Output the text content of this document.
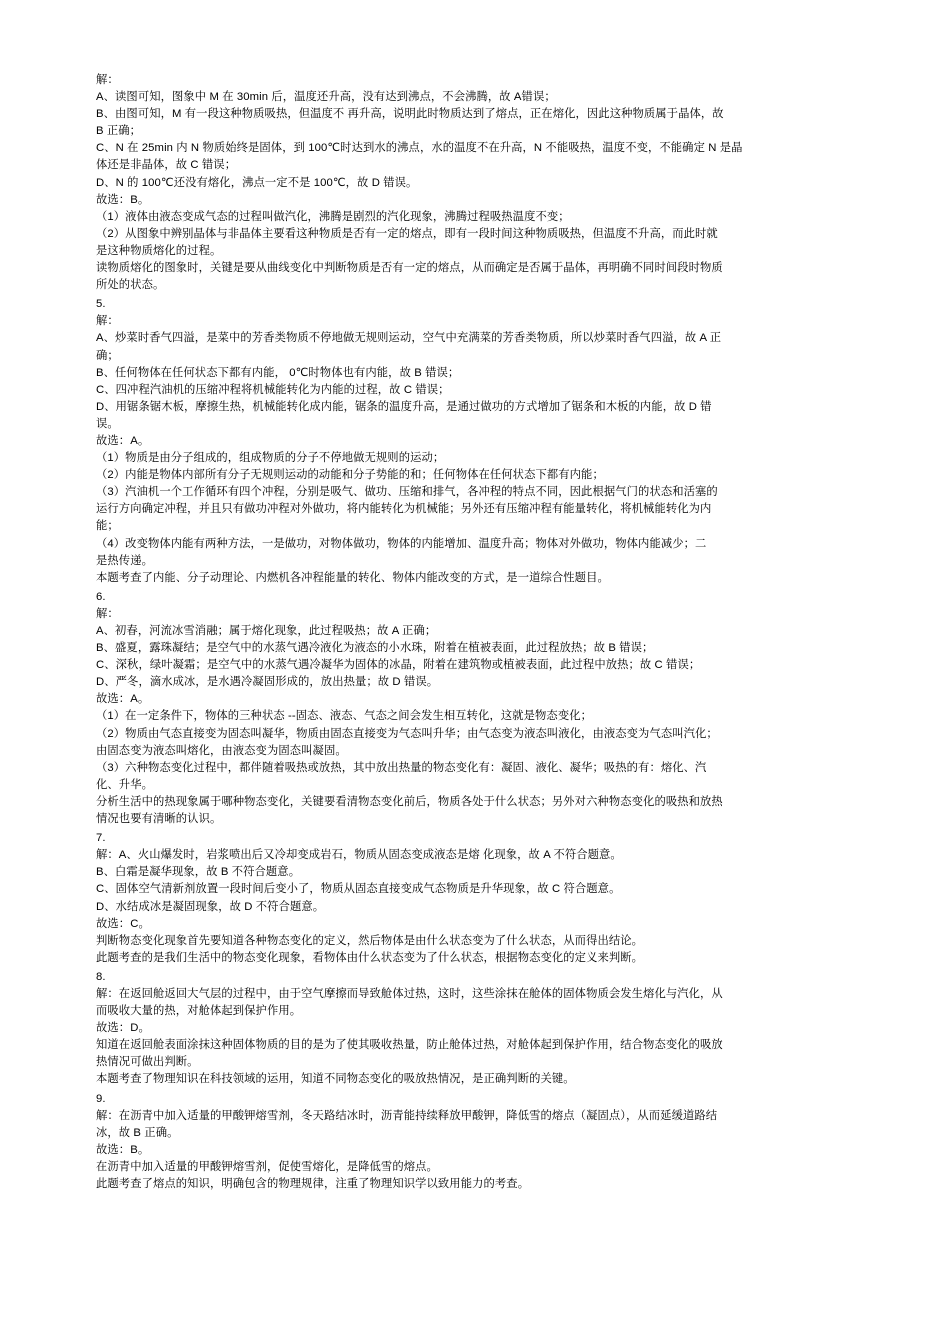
解：

A、读图可知，图象中 M 在 30min 后，温度还升高，没有达到沸点，不会沸腾，故 A错误；

B、由图可知，M 有一段这种物质吸热，但温度不 再升高，说明此时物质达到了熔点，正在熔化，因此这种物质属于晶体，故

B 正确；

C、N 在 25min 内 N 物质始终是固体，到 100℃时达到水的沸点，水的温度不在升高，N 不能吸热，温度不变，不能确定 N 是晶

体还是非晶体，故 C 错误；

D、N 的 100℃还没有熔化，沸点一定不是 100℃，故 D 错误。

故选：B。

（1）液体由液态变成气态的过程叫做汽化，沸腾是剧烈的汽化现象，沸腾过程吸热温度不变；

（2）从图象中辨别晶体与非晶体主要看这种物质是否有一定的熔点，即有一段时间这种物质吸热，但温度不升高，而此时就

是这种物质熔化的过程。

读物质熔化的图象时，关键是要从曲线变化中判断物质是否有一定的熔点，从而确定是否属于晶体，再明确不同时间段时物质

所处的状态。

5.

解：

A、炒菜时香气四溢，是菜中的芳香类物质不停地做无规则运动，空气中充满菜的芳香类物质，所以炒菜时香气四溢，故 A 正

确；

B、任何物体在任何状态下都有内能， 0℃时物体也有内能，故 B 错误；

C、四冲程汽油机的压缩冲程将机械能转化为内能的过程，故 C 错误；

D、用锯条锯木板，摩擦生热，机械能转化成内能，锯条的温度升高，是通过做功的方式增加了锯条和木板的内能，故 D 错

误。

故选：A。

（1）物质是由分子组成的，组成物质的分子不停地做无规则的运动；

（2）内能是物体内部所有分子无规则运动的动能和分子势能的和；任何物体在任何状态下都有内能；

（3）汽油机一个工作循环有四个冲程，分别是吸气、做功、压缩和排气，各冲程的特点不同，因此根据气门的状态和活塞的

运行方向确定冲程，并且只有做功冲程对外做功，将内能转化为机械能；另外还有压缩冲程有能量转化，将机械能转化为内

能；

（4）改变物体内能有两种方法，一是做功，对物体做功，物体的内能增加、温度升高；物体对外做功，物体内能减少；二

是热传递。

本题考查了内能、分子动理论、内燃机各冲程能量的转化、物体内能改变的方式，是一道综合性题目。

6.

解：

A、初春，河流冰雪消融；属于熔化现象，此过程吸热；故 A 正确；

B、盛夏，露珠凝结；是空气中的水蒸气遇冷液化为液态的小水珠，附着在植被表面，此过程放热；故 B 错误；

C、深秋，绿叶凝霜；是空气中的水蒸气遇冷凝华为固体的冰晶，附着在建筑物或植被表面，此过程中放热；故 C 错误；

D、严冬，滴水成冰，是水遇冷凝固形成的，放出热量；故 D 错误。

故选：A。

（1）在一定条件下，物体的三种状态 --固态、液态、气态之间会发生相互转化，这就是物态变化；

（2）物质由气态直接变为固态叫凝华，物质由固态直接变为气态叫升华；由气态变为液态叫液化，由液态变为气态叫汽化；

由固态变为液态叫熔化，由液态变为固态叫凝固。

（3）六种物态变化过程中，都伴随着吸热或放热，其中放出热量的物态变化有：凝固、液化、凝华；吸热的有：熔化、汽

化、升华。

分析生活中的热现象属于哪种物态变化，关键要看清物态变化前后，物质各处于什么状态；另外对六种物态变化的吸热和放热

情况也要有清晰的认识。

7.

解：A、火山爆发时，岩浆喷出后又冷却变成岩石，物质从固态变成液态是熔 化现象，故 A 不符合题意。

B、白霜是凝华现象，故 B 不符合题意。

C、固体空气清新剂放置一段时间后变小了，物质从固态直接变成气态物质是升华现象，故 C 符合题意。

D、水结成冰是凝固现象，故 D 不符合题意。

故选：C。

判断物态变化现象首先要知道各种物态变化的定义，然后物体是由什么状态变为了什么状态，从而得出结论。

此题考查的是我们生活中的物态变化现象，看物体由什么状态变为了什么状态，根据物态变化的定义来判断。

8.

解：在返回舱返回大气层的过程中，由于空气摩擦而导致舱体过热，这时，这些涂抹在舱体的固体物质会发生熔化与汽化，从

而吸收大量的热，对舱体起到保护作用。

故选：D。

知道在返回舱表面涂抹这种固体物质的目的是为了使其吸收热量，防止舱体过热，对舱体起到保护作用，结合物态变化的吸放

热情况可做出判断。

本题考查了物理知识在科技领域的运用，知道不同物态变化的吸放热情况，是正确判断的关键。

9.

解：在沥青中加入适量的甲酸钾熔雪剂，冬天路结冰时，沥青能持续释放甲酸钾，降低雪的熔点（凝固点），从而延缓道路结

冰，故 B 正确。

故选：B。

在沥青中加入适量的甲酸钾熔雪剂，促使雪熔化，是降低雪的熔点。

此题考查了熔点的知识，明确包含的物理规律，注重了物理知识学以致用能力的考查。
